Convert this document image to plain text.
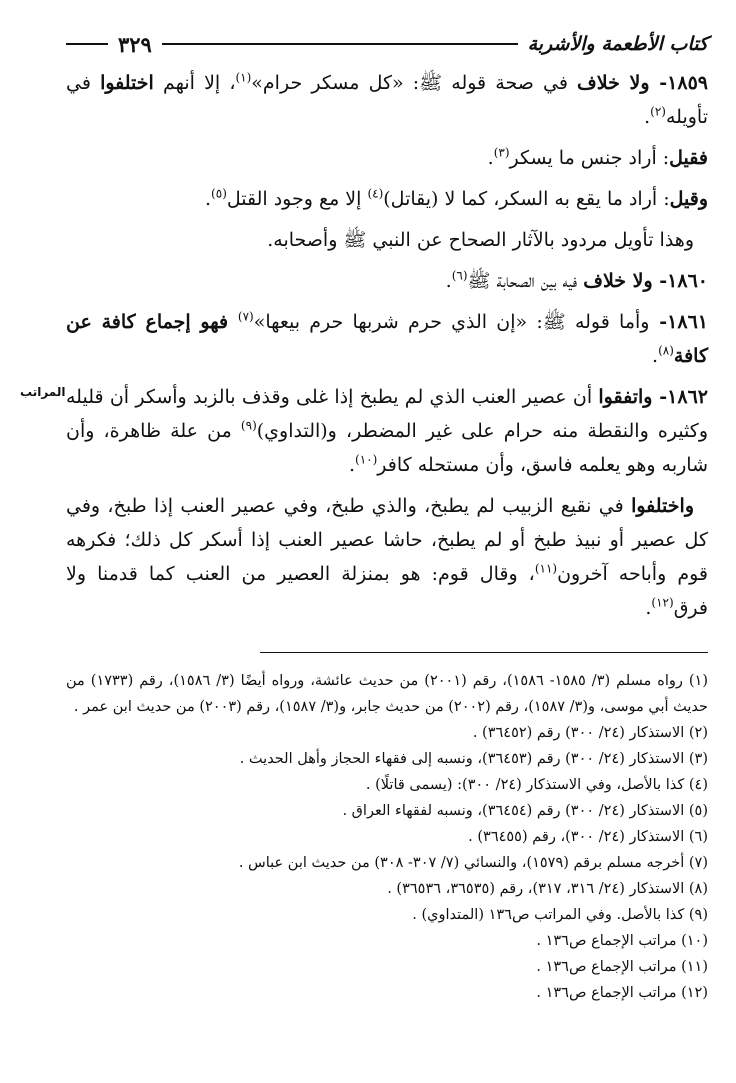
كتاب الأطعمة والأشربة
٣٢٩
المراتب

١٨٥٩- ولا خلاف في صحة قوله ﷺ: «كل مسكر حرام»$^{(١)}$، إلا أنهم اختلفوا في تأويله$^{(٢)}$.

فقيل: أراد جنس ما يسكر$^{(٣)}$.

وقيل: أراد ما يقع به السكر، كما لا (يقاتل)$^{(٤)}$ إلا مع وجود القتل$^{(٥)}$.

وهذا تأويل مردود بالآثار الصحاح عن النبي ﷺ وأصحابه.

١٨٦٠- ولا خلاف فيه بين الصحابة ﷺ$^{(٦)}$.

١٨٦١- وأما قوله ﷺ: «إن الذي حرم شربها حرم بيعها»$^{(٧)}$ فهو إجماع كافة عن كافة$^{(٨)}$.

١٨٦٢- واتفقوا أن عصير العنب الذي لم يطبخ إذا غلى وقذف بالزبد وأسكر أن قليله وكثيره والنقطة منه حرام على غير المضطر، و(التداوي)$^{(٩)}$ من علة ظاهرة، وأن شاربه وهو يعلمه فاسق، وأن مستحله كافر$^{(١٠)}$.

واختلفوا في نقيع الزبيب لم يطبخ، والذي طبخ، وفي عصير العنب إذا طبخ، وفي كل عصير أو نبيذ طبخ أو لم يطبخ، حاشا عصير العنب إذا أسكر كل ذلك؛ فكرهه قوم وأباحه آخرون$^{(١١)}$، وقال قوم: هو بمنزلة العصير من العنب كما قدمنا ولا فرق$^{(١٢)}$.

(١) رواه مسلم (٣/ ١٥٨٥- ١٥٨٦)، رقم (٢٠٠١) من حديث عائشة، ورواه أيضًا (٣/ ١٥٨٦)، رقم (١٧٣٣) من حديث أبي موسى، و(٣/ ١٥٨٧)، رقم (٢٠٠٢) من حديث جابر، و(٣/ ١٥٨٧)، رقم (٢٠٠٣) من حديث ابن عمر .

(٢) الاستذكار (٢٤/ ٣٠٠) رقم (٣٦٤٥٢) .

(٣) الاستذكار (٢٤/ ٣٠٠) رقم (٣٦٤٥٣)، ونسبه إلى فقهاء الحجاز وأهل الحديث .

(٤) كذا بالأصل، وفي الاستذكار (٢٤/ ٣٠٠): (يسمى قاتلًا) .

(٥) الاستذكار (٢٤/ ٣٠٠) رقم (٣٦٤٥٤)، ونسبه لفقهاء العراق .

(٦) الاستذكار (٢٤/ ٣٠٠)، رقم (٣٦٤٥٥) .

(٧) أخرجه مسلم برقم (١٥٧٩)، والنسائي (٧/ ٣٠٧- ٣٠٨) من حديث ابن عباس .

(٨) الاستذكار (٢٤/ ٣١٦، ٣١٧)، رقم (٣٦٥٣٥، ٣٦٥٣٦) .

(٩) كذا بالأصل. وفي المراتب ص١٣٦ (المتداوي) .

(١٠) مراتب الإجماع ص١٣٦ .

(١١) مراتب الإجماع ص١٣٦ .

(١٢) مراتب الإجماع ص١٣٦ .
